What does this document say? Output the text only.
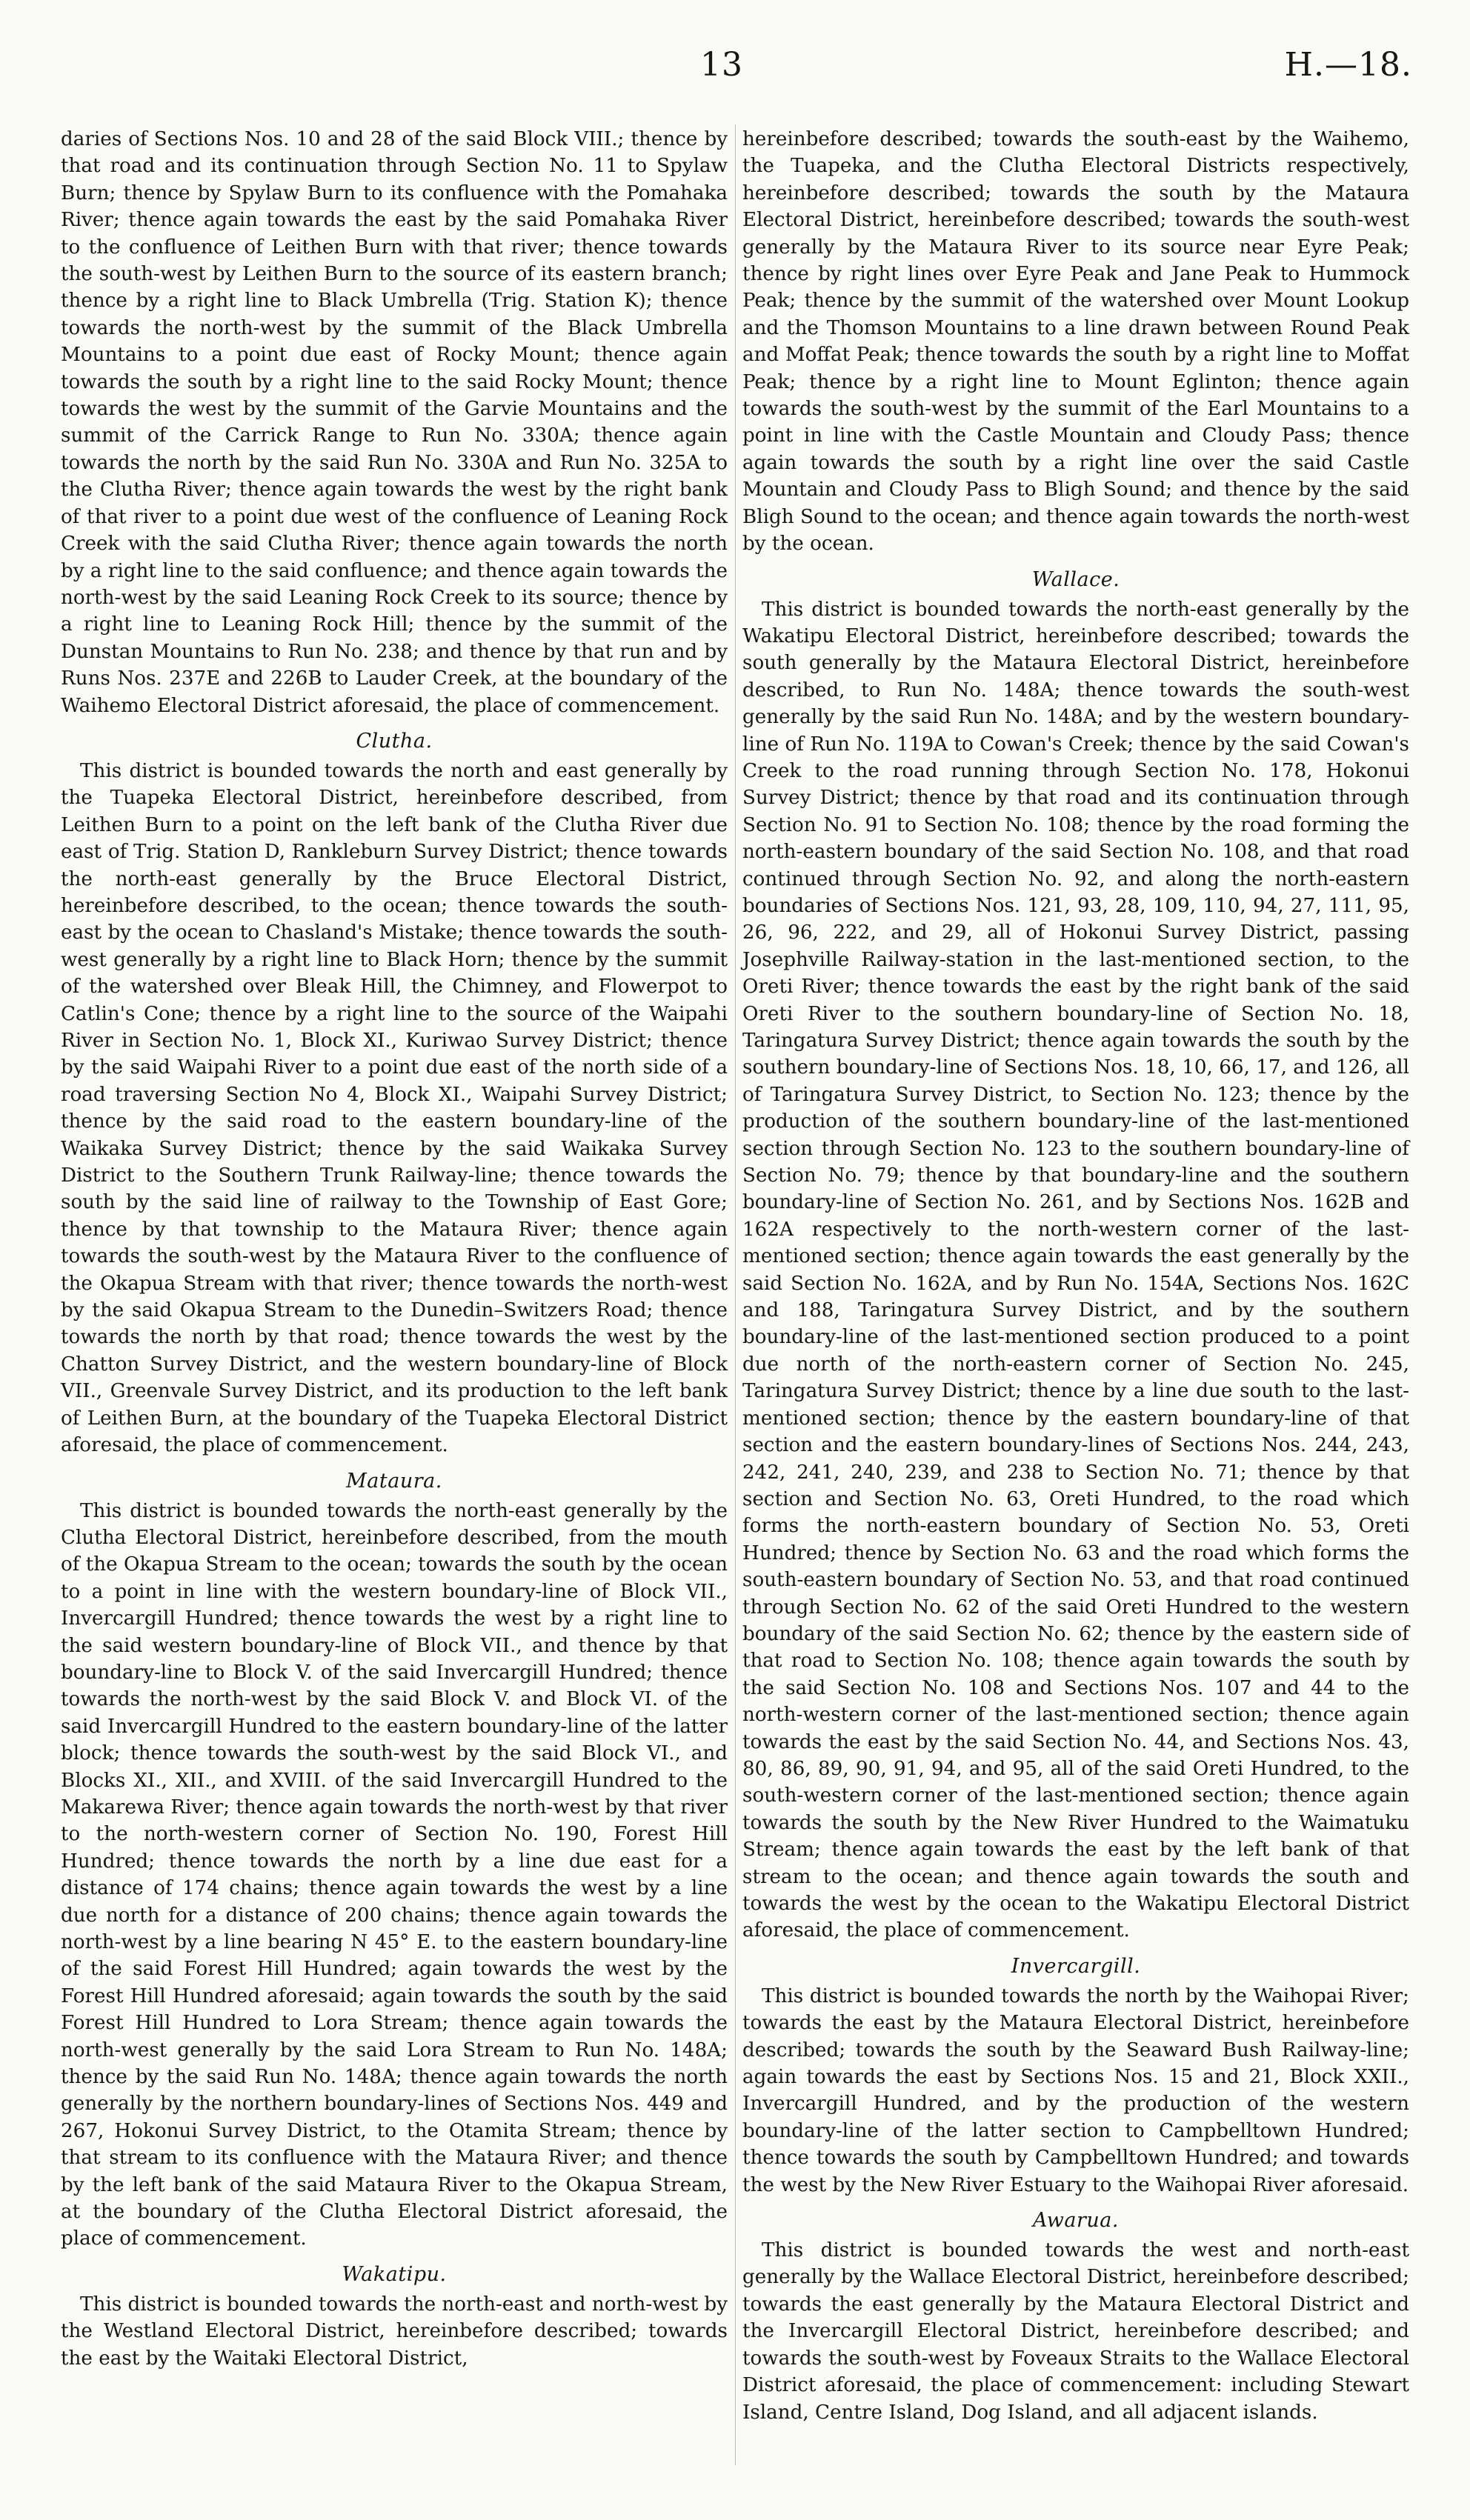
13	H.—18.

daries of Sections Nos. 10 and 28 of the said Block VIII.; thence by that road and its continuation through Section No. 11 to Spylaw Burn; thence by Spylaw Burn to its confluence with the Pomahaka River; thence again towards the east by the said Pomahaka River to the confluence of Leithen Burn with that river; thence towards the south-west by Leithen Burn to the source of its eastern branch; thence by a right line to Black Umbrella (Trig. Station K); thence towards the north-west by the summit of the Black Umbrella Mountains to a point due east of Rocky Mount; thence again towards the south by a right line to the said Rocky Mount; thence towards the west by the summit of the Garvie Mountains and the summit of the Carrick Range to Run No. 330A; thence again towards the north by the said Run No. 330A and Run No. 325A to the Clutha River; thence again towards the west by the right bank of that river to a point due west of the confluence of Leaning Rock Creek with the said Clutha River; thence again towards the north by a right line to the said confluence; and thence again towards the north-west by the said Leaning Rock Creek to its source; thence by a right line to Leaning Rock Hill; thence by the summit of the Dunstan Mountains to Run No. 238; and thence by that run and by Runs Nos. 237E and 226B to Lauder Creek, at the boundary of the Waihemo Electoral District aforesaid, the place of commencement.

Clutha.

This district is bounded towards the north and east generally by the Tuapeka Electoral District, hereinbefore described, from Leithen Burn to a point on the left bank of the Clutha River due east of Trig. Station D, Rankleburn Survey District; thence towards the north-east generally by the Bruce Electoral District, hereinbefore described, to the ocean; thence towards the south-east by the ocean to Chasland's Mistake; thence towards the south-west generally by a right line to Black Horn; thence by the summit of the watershed over Bleak Hill, the Chimney, and Flowerpot to Catlin's Cone; thence by a right line to the source of the Waipahi River in Section No. 1, Block XI., Kuriwao Survey District; thence by the said Waipahi River to a point due east of the north side of a road traversing Section No 4, Block XI., Waipahi Survey District; thence by the said road to the eastern boundary-line of the Waikaka Survey District; thence by the said Waikaka Survey District to the Southern Trunk Railway-line; thence towards the south by the said line of railway to the Township of East Gore; thence by that township to the Mataura River; thence again towards the south-west by the Mataura River to the confluence of the Okapua Stream with that river; thence towards the north-west by the said Okapua Stream to the Dunedin–Switzers Road; thence towards the north by that road; thence towards the west by the Chatton Survey District, and the western boundary-line of Block VII., Greenvale Survey District, and its production to the left bank of Leithen Burn, at the boundary of the Tuapeka Electoral District aforesaid, the place of commencement.

Mataura.

This district is bounded towards the north-east generally by the Clutha Electoral District, hereinbefore described, from the mouth of the Okapua Stream to the ocean; towards the south by the ocean to a point in line with the western boundary-line of Block VII., Invercargill Hundred; thence towards the west by a right line to the said western boundary-line of Block VII., and thence by that boundary-line to Block V. of the said Invercargill Hundred; thence towards the north-west by the said Block V. and Block VI. of the said Invercargill Hundred to the eastern boundary-line of the latter block; thence towards the south-west by the said Block VI., and Blocks XI., XII., and XVIII. of the said Invercargill Hundred to the Makarewa River; thence again towards the north-west by that river to the north-western corner of Section No. 190, Forest Hill Hundred; thence towards the north by a line due east for a distance of 174 chains; thence again towards the west by a line due north for a distance of 200 chains; thence again towards the north-west by a line bearing N 45° E. to the eastern boundary-line of the said Forest Hill Hundred; again towards the west by the Forest Hill Hundred aforesaid; again towards the south by the said Forest Hill Hundred to Lora Stream; thence again towards the north-west generally by the said Lora Stream to Run No. 148A; thence by the said Run No. 148A; thence again towards the north generally by the northern boundary-lines of Sections Nos. 449 and 267, Hokonui Survey District, to the Otamita Stream; thence by that stream to its confluence with the Mataura River; and thence by the left bank of the said Mataura River to the Okapua Stream, at the boundary of the Clutha Electoral District aforesaid, the place of commencement.

Wakatipu.

This district is bounded towards the north-east and north-west by the Westland Electoral District, hereinbefore described; towards the east by the Waitaki Electoral District,

hereinbefore described; towards the south-east by the Waihemo, the Tuapeka, and the Clutha Electoral Districts respectively, hereinbefore described; towards the south by the Mataura Electoral District, hereinbefore described; towards the south-west generally by the Mataura River to its source near Eyre Peak; thence by right lines over Eyre Peak and Jane Peak to Hummock Peak; thence by the summit of the watershed over Mount Lookup and the Thomson Mountains to a line drawn between Round Peak and Moffat Peak; thence towards the south by a right line to Moffat Peak; thence by a right line to Mount Eglinton; thence again towards the south-west by the summit of the Earl Mountains to a point in line with the Castle Mountain and Cloudy Pass; thence again towards the south by a right line over the said Castle Mountain and Cloudy Pass to Bligh Sound; and thence by the said Bligh Sound to the ocean; and thence again towards the north-west by the ocean.

Wallace.

This district is bounded towards the north-east generally by the Wakatipu Electoral District, hereinbefore described; towards the south generally by the Mataura Electoral District, hereinbefore described, to Run No. 148A; thence towards the south-west generally by the said Run No. 148A; and by the western boundary-line of Run No. 119A to Cowan's Creek; thence by the said Cowan's Creek to the road running through Section No. 178, Hokonui Survey District; thence by that road and its continuation through Section No. 91 to Section No. 108; thence by the road forming the north-eastern boundary of the said Section No. 108, and that road continued through Section No. 92, and along the north-eastern boundaries of Sections Nos. 121, 93, 28, 109, 110, 94, 27, 111, 95, 26, 96, 222, and 29, all of Hokonui Survey District, passing Josephville Railway-station in the last-mentioned section, to the Oreti River; thence towards the east by the right bank of the said Oreti River to the southern boundary-line of Section No. 18, Taringatura Survey District; thence again towards the south by the southern boundary-line of Sections Nos. 18, 10, 66, 17, and 126, all of Taringatura Survey District, to Section No. 123; thence by the production of the southern boundary-line of the last-mentioned section through Section No. 123 to the southern boundary-line of Section No. 79; thence by that boundary-line and the southern boundary-line of Section No. 261, and by Sections Nos. 162B and 162A respectively to the north-western corner of the last-mentioned section; thence again towards the east generally by the said Section No. 162A, and by Run No. 154A, Sections Nos. 162C and 188, Taringatura Survey District, and by the southern boundary-line of the last-mentioned section produced to a point due north of the north-eastern corner of Section No. 245, Taringatura Survey District; thence by a line due south to the last-mentioned section; thence by the eastern boundary-line of that section and the eastern boundary-lines of Sections Nos. 244, 243, 242, 241, 240, 239, and 238 to Section No. 71; thence by that section and Section No. 63, Oreti Hundred, to the road which forms the north-eastern boundary of Section No. 53, Oreti Hundred; thence by Section No. 63 and the road which forms the south-eastern boundary of Section No. 53, and that road continued through Section No. 62 of the said Oreti Hundred to the western boundary of the said Section No. 62; thence by the eastern side of that road to Section No. 108; thence again towards the south by the said Section No. 108 and Sections Nos. 107 and 44 to the north-western corner of the last-mentioned section; thence again towards the east by the said Section No. 44, and Sections Nos. 43, 80, 86, 89, 90, 91, 94, and 95, all of the said Oreti Hundred, to the south-western corner of the last-mentioned section; thence again towards the south by the New River Hundred to the Waimatuku Stream; thence again towards the east by the left bank of that stream to the ocean; and thence again towards the south and towards the west by the ocean to the Wakatipu Electoral District aforesaid, the place of commencement.

Invercargill.

This district is bounded towards the north by the Waihopai River; towards the east by the Mataura Electoral District, hereinbefore described; towards the south by the Seaward Bush Railway-line; again towards the east by Sections Nos. 15 and 21, Block XXII., Invercargill Hundred, and by the production of the western boundary-line of the latter section to Campbelltown Hundred; thence towards the south by Campbelltown Hundred; and towards the west by the New River Estuary to the Waihopai River aforesaid.

Awarua.

This district is bounded towards the west and north-east generally by the Wallace Electoral District, hereinbefore described; towards the east generally by the Mataura Electoral District and the Invercargill Electoral District, hereinbefore described; and towards the south-west by Foveaux Straits to the Wallace Electoral District aforesaid, the place of commencement: including Stewart Island, Centre Island, Dog Island, and all adjacent islands.
